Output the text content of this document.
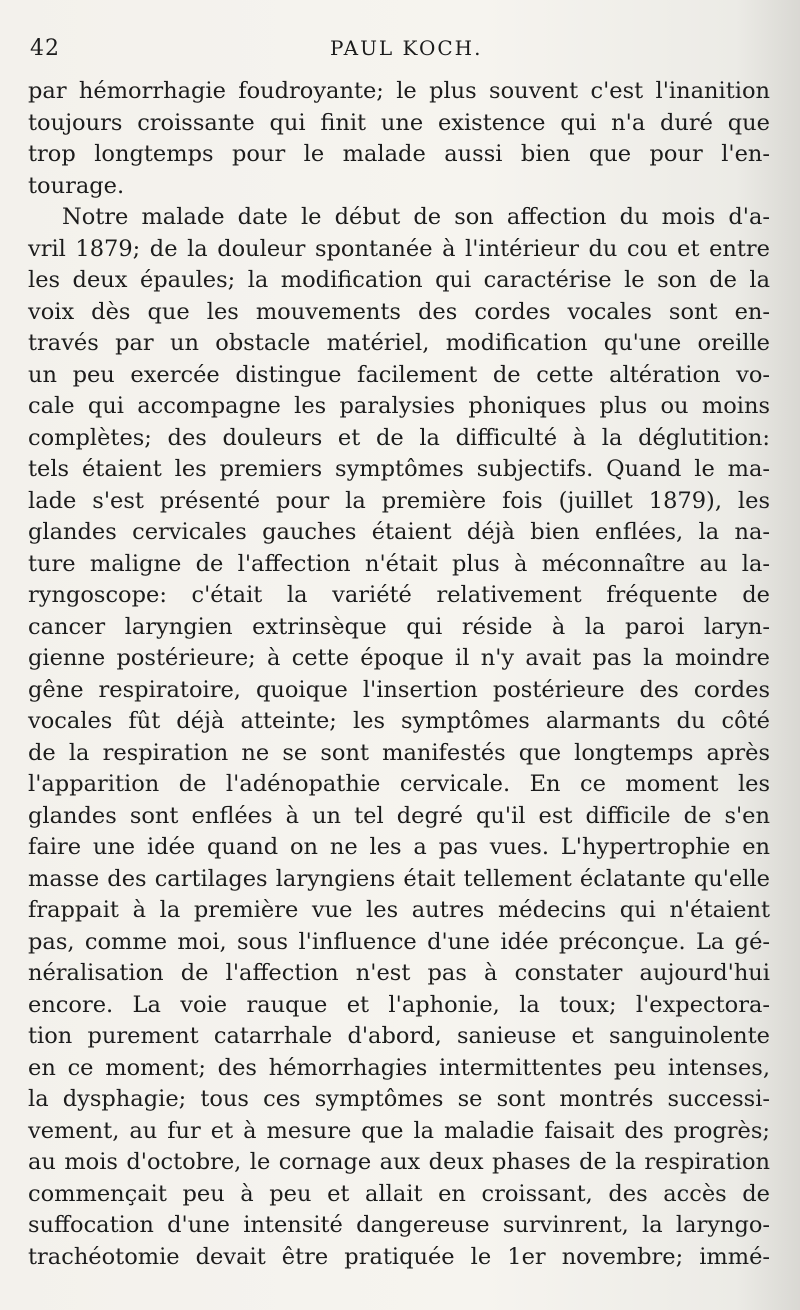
42	PAUL KOCH.
par hémorrhagie foudroyante; le plus souvent c'est l'inanition
toujours croissante qui finit une existence qui n'a duré que
trop longtemps pour le malade aussi bien que pour l'en-
tourage.
Notre malade date le début de son affection du mois d'a-
vril 1879; de la douleur spontanée à l'intérieur du cou et entre
les deux épaules; la modification qui caractérise le son de la
voix dès que les mouvements des cordes vocales sont en-
través par un obstacle matériel, modification qu'une oreille
un peu exercée distingue facilement de cette altération vo-
cale qui accompagne les paralysies phoniques plus ou moins
complètes; des douleurs et de la difficulté à la déglutition:
tels étaient les premiers symptômes subjectifs. Quand le ma-
lade s'est présenté pour la première fois (juillet 1879), les
glandes cervicales gauches étaient déjà bien enflées, la na-
ture maligne de l'affection n'était plus à méconnaître au la-
ryngoscope: c'était la variété relativement fréquente de
cancer laryngien extrinsèque qui réside à la paroi laryn-
gienne postérieure; à cette époque il n'y avait pas la moindre
gêne respiratoire, quoique l'insertion postérieure des cordes
vocales fût déjà atteinte; les symptômes alarmants du côté
de la respiration ne se sont manifestés que longtemps après
l'apparition de l'adénopathie cervicale. En ce moment les
glandes sont enflées à un tel degré qu'il est difficile de s'en
faire une idée quand on ne les a pas vues. L'hypertrophie en
masse des cartilages laryngiens était tellement éclatante qu'elle
frappait à la première vue les autres médecins qui n'étaient
pas, comme moi, sous l'influence d'une idée préconçue. La gé-
néralisation de l'affection n'est pas à constater aujourd'hui
encore. La voie rauque et l'aphonie, la toux; l'expectora-
tion purement catarrhale d'abord, sanieuse et sanguinolente
en ce moment; des hémorrhagies intermittentes peu intenses,
la dysphagie; tous ces symptômes se sont montrés successi-
vement, au fur et à mesure que la maladie faisait des progrès;
au mois d'octobre, le cornage aux deux phases de la respiration
commençait peu à peu et allait en croissant, des accès de
suffocation d'une intensité dangereuse survinrent, la laryngo-
trachéotomie devait être pratiquée le 1er novembre; immé-
